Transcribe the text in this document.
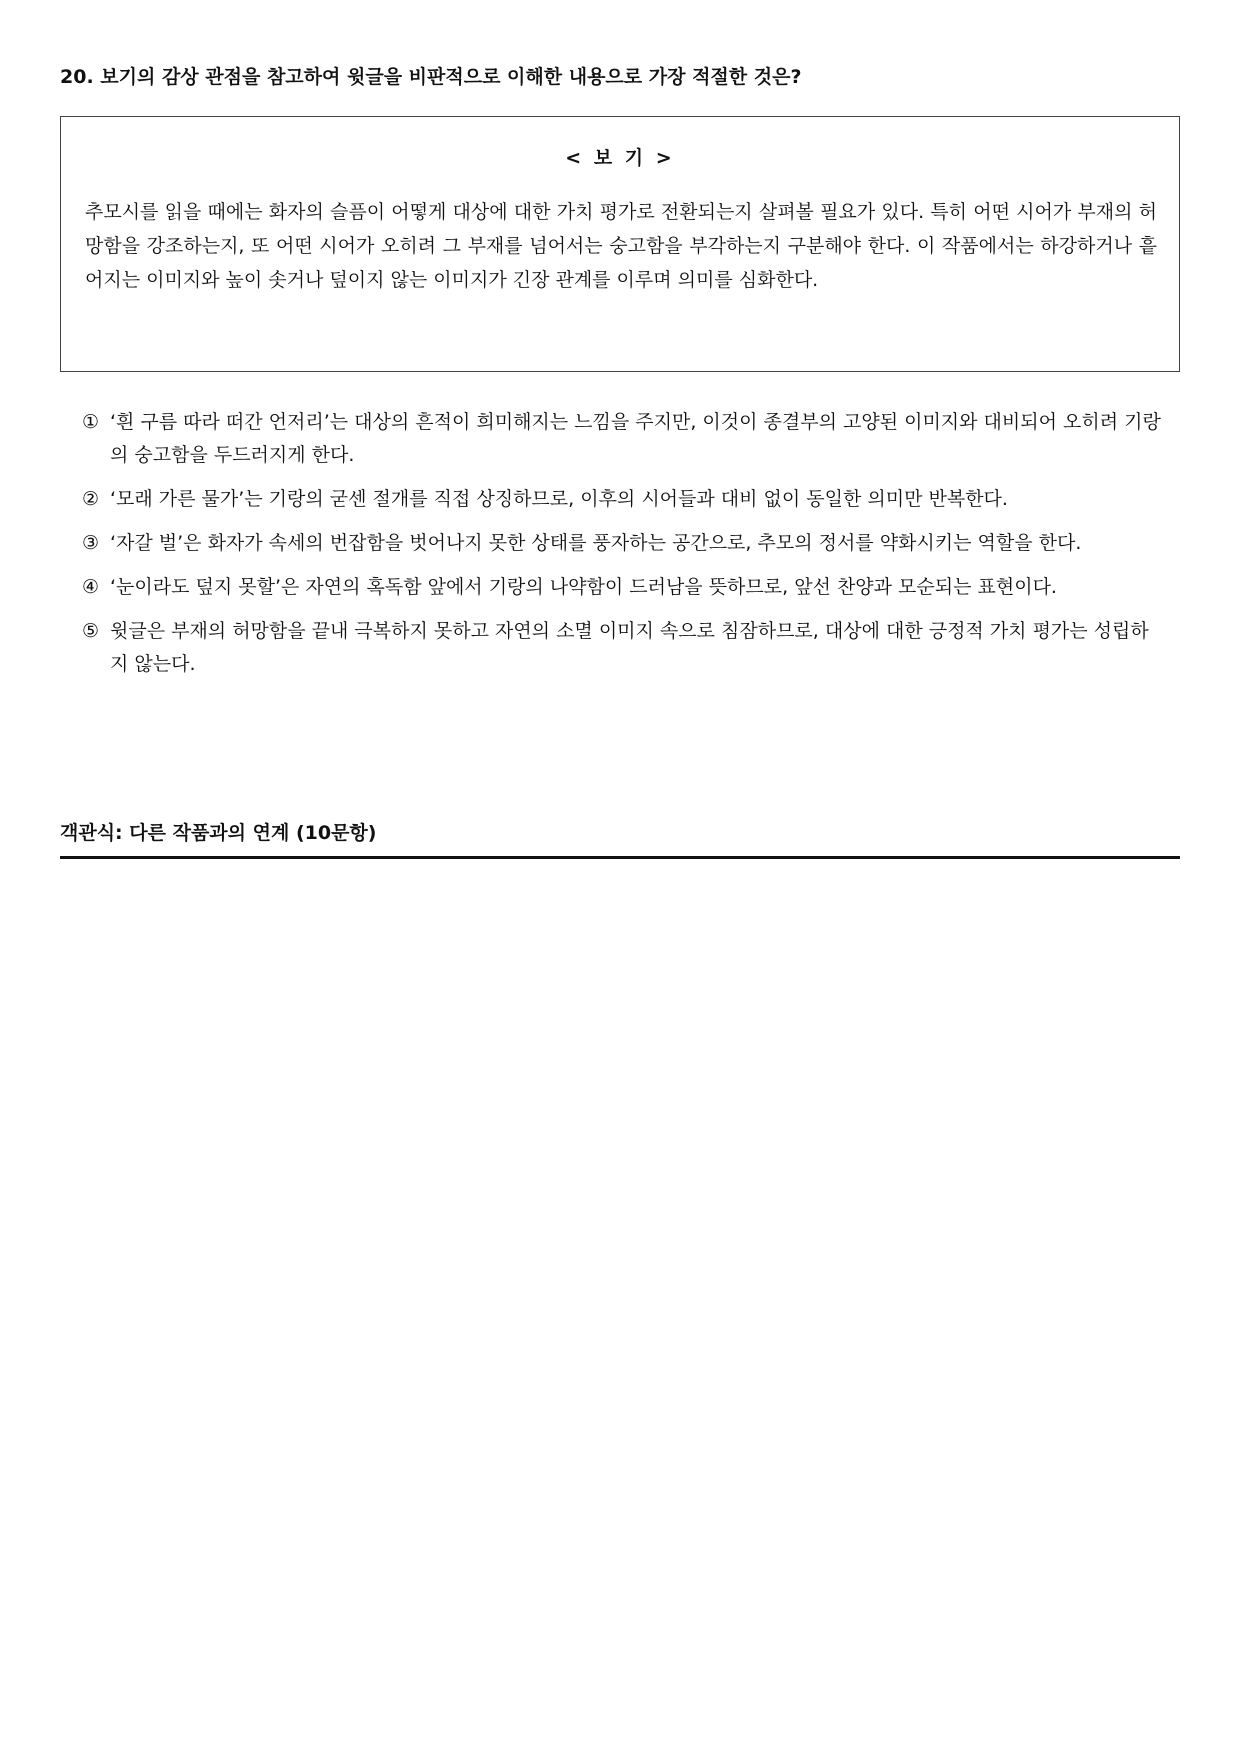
20. 보기의 감상 관점을 참고하여 윗글을 비판적으로 이해한 내용으로 가장 적절한 것은?
< 보 기 >
추모시를 읽을 때에는 화자의 슬픔이 어떻게 대상에 대한 가치 평가로 전환되는지 살펴볼 필요가 있다. 특히 어떤 시어가 부재의 허망함을 강조하는지, 또 어떤 시어가 오히려 그 부재를 넘어서는 숭고함을 부각하는지 구분해야 한다. 이 작품에서는 하강하거나 흩어지는 이미지와 높이 솟거나 덮이지 않는 이미지가 긴장 관계를 이루며 의미를 심화한다.
① ‘흰 구름 따라 떠간 언저리’는 대상의 흔적이 희미해지는 느낌을 주지만, 이것이 종결부의 고양된 이미지와 대비되어 오히려 기랑의 숭고함을 두드러지게 한다.
② ‘모래 가른 물가’는 기랑의 굳센 절개를 직접 상징하므로, 이후의 시어들과 대비 없이 동일한 의미만 반복한다.
③ ‘자갈 벌’은 화자가 속세의 번잡함을 벗어나지 못한 상태를 풍자하는 공간으로, 추모의 정서를 약화시키는 역할을 한다.
④ ‘눈이라도 덮지 못할’은 자연의 혹독함 앞에서 기랑의 나약함이 드러남을 뜻하므로, 앞선 찬양과 모순되는 표현이다.
⑤ 윗글은 부재의 허망함을 끝내 극복하지 못하고 자연의 소멸 이미지 속으로 침잠하므로, 대상에 대한 긍정적 가치 평가는 성립하지 않는다.
객관식: 다른 작품과의 연계 (10문항)
